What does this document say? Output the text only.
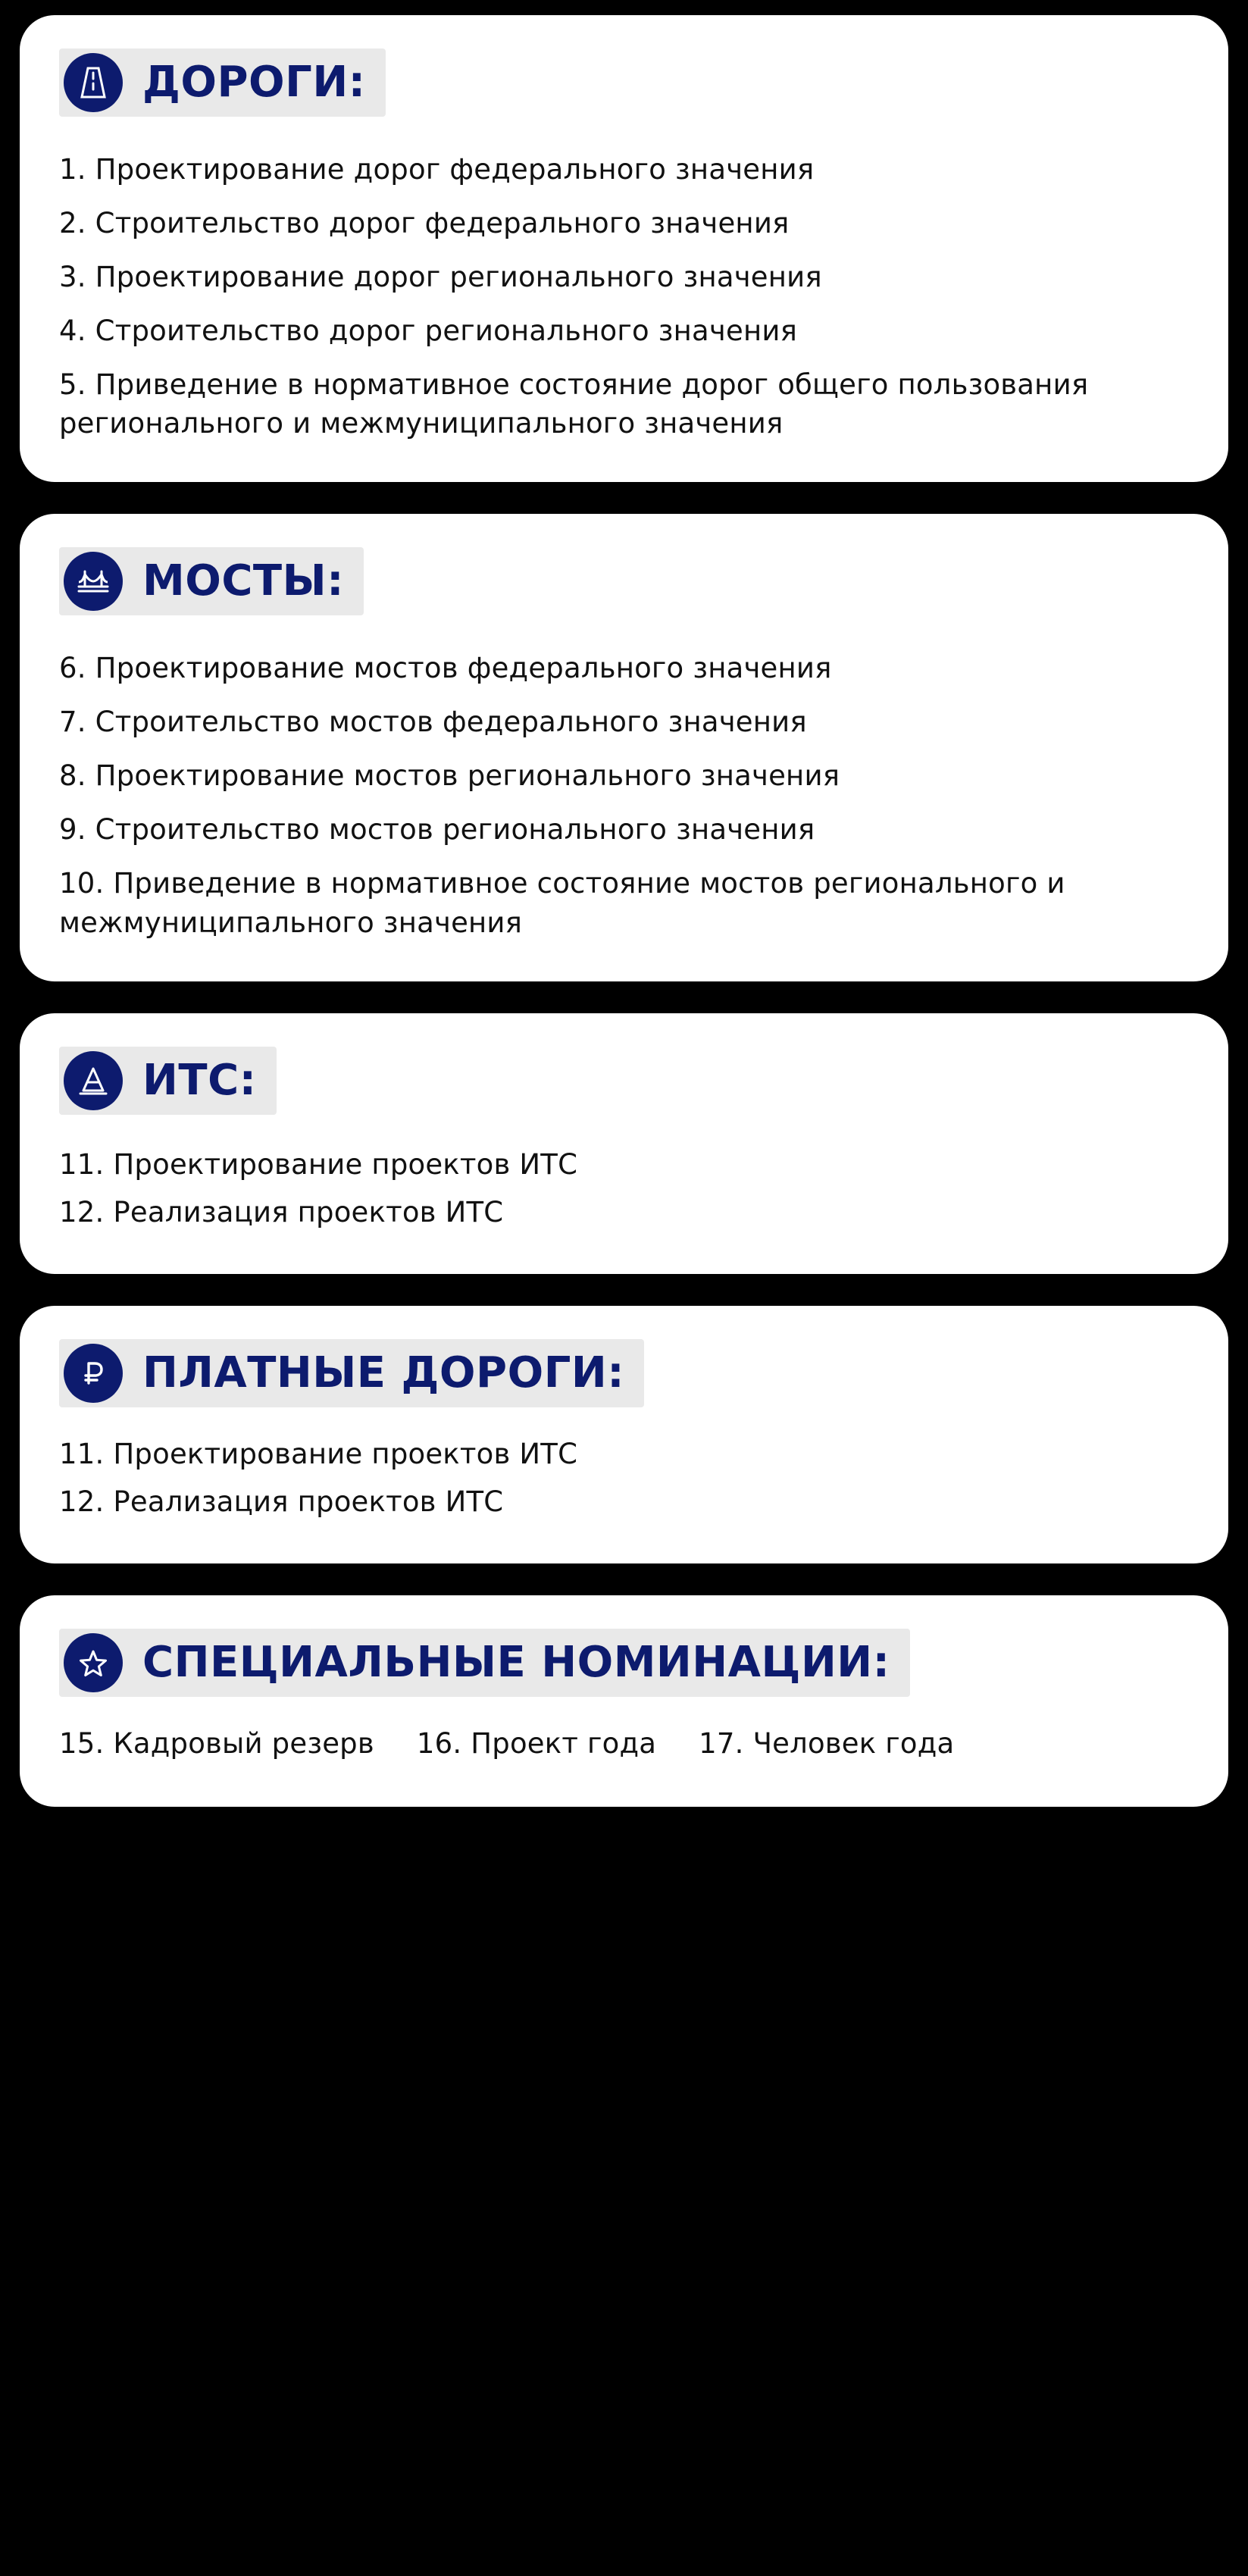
ДОРОГИ:
1. Проектирование дорог федерального значения
2. Строительство дорог федерального значения
3. Проектирование дорог регионального значения
4. Строительство дорог регионального значения
5. Приведение в нормативное состояние дорог общего пользования регионального и межмуниципального значения
МОСТЫ:
6. Проектирование мостов федерального значения
7. Строительство мостов федерального значения
8. Проектирование мостов регионального значения
9. Строительство мостов регионального значения
10. Приведение в нормативное состояние мостов регионального и межмуниципального значения
ИТС:
11. Проектирование проектов ИТС
12. Реализация проектов ИТС
ПЛАТНЫЕ ДОРОГИ:
11. Проектирование проектов ИТС
12. Реализация проектов ИТС
СПЕЦИАЛЬНЫЕ НОМИНАЦИИ:
15. Кадровый резерв 16. Проект года 17. Человек года
